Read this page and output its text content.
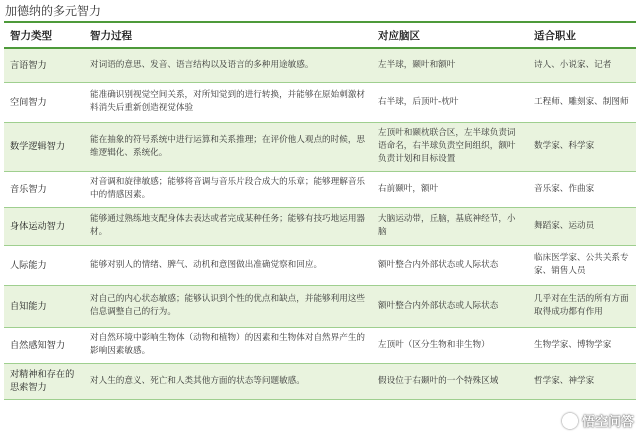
加德纳的多元智力
智力类型	智力过程	对应脑区	适合职业
言语智力	对词语的意思、发音、语言结构以及语言的多种用途敏感。	左半球，颞叶和额叶	诗人、小说家、记者
空间智力	能准确识别视觉空间关系，对所知觉到的进行转换，并能够在原始刺激材料消失后重新创造视觉体验	右半球，后顶叶-枕叶	工程师、雕刻家、制图师
数学逻辑智力	能在抽象的符号系统中进行运算和关系推理；在评价他人观点的时候，思维逻辑化、系统化。	左顶叶和颞枕联合区，左半球负责词语命名，右半球负责空间组织，额叶负责计划和目标设置	数学家、科学家
音乐智力	对音调和旋律敏感；能够将音调与音乐片段合成大的乐章；能够理解音乐中的情感因素。	右前颞叶，额叶	音乐家、作曲家
身体运动智力	能够通过熟练地支配身体去表达或者完成某种任务；能够有技巧地运用器材。	大脑运动带，丘脑，基底神经节，小脑	舞蹈家、运动员
人际能力	能够对别人的情绪、脾气、动机和意图做出准确觉察和回应。	额叶整合内外部状态或人际状态	临床医学家、公共关系专家、销售人员
自知能力	对自己的内心状态敏感；能够认识到个性的优点和缺点，并能够利用这些信息调整自己的行为。	额叶整合内外部状态或人际状态	几乎对在生活的所有方面取得成功都有作用
自然感知智力	对自然环境中影响生物体（动物和植物）的因素和生物体对自然界产生的影响因素敏感。	左顶叶（区分生物和非生物）	生物学家、博物学家
对精神和存在的思索智力	对人生的意义、死亡和人类其他方面的状态等问题敏感。	假设位于右颞叶的一个特殊区域	哲学家、神学家
悟空问答
